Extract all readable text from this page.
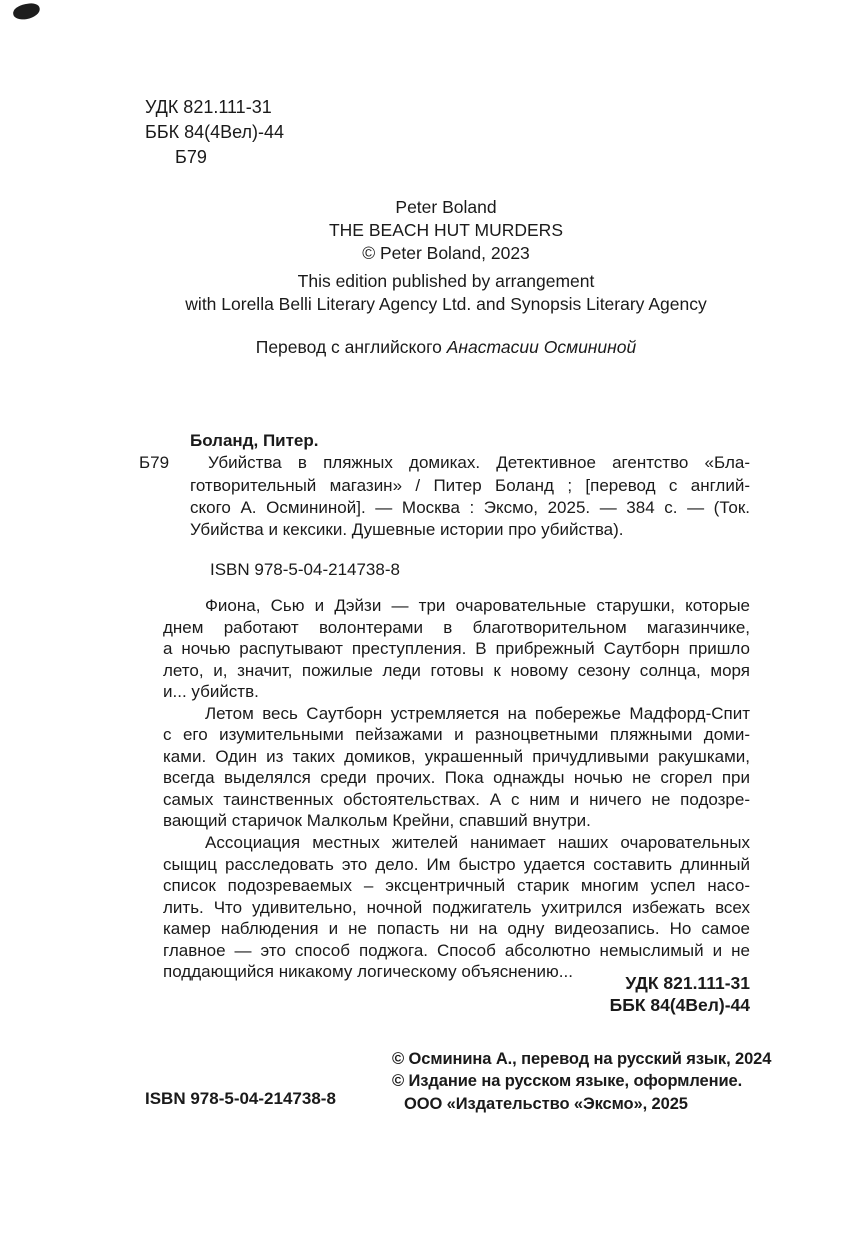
УДК 821.111-31
ББК 84(4Вел)-44
Б79
Peter Boland
THE BEACH HUT MURDERS
© Peter Boland, 2023
This edition published by arrangement
with Lorella Belli Literary Agency Ltd. and Synopsis Literary Agency
Перевод с английского Анастасии Осмининой
Боланд, Питер.
Б79	Убийства в пляжных домиках. Детективное агентство «Бла-
готворительный магазин» / Питер Боланд ; [перевод с англий-
ского А. Осмининой]. — Москва : Эксмо, 2025. — 384 с. — (Ток.
Убийства и кексики. Душевные истории про убийства).
ISBN 978-5-04-214738-8
Фиона, Сью и Дэйзи — три очаровательные старушки, которые
днем работают волонтерами в благотворительном магазинчике,
а ночью распутывают преступления. В прибрежный Саутборн пришло
лето, и, значит, пожилые леди готовы к новому сезону солнца, моря
и... убийств.
Летом весь Саутборн устремляется на побережье Мадфорд-Спит
с его изумительными пейзажами и разноцветными пляжными доми-
ками. Один из таких домиков, украшенный причудливыми ракушками,
всегда выделялся среди прочих. Пока однажды ночью не сгорел при
самых таинственных обстоятельствах. А с ним и ничего не подозре-
вающий старичок Малкольм Крейни, спавший внутри.
Ассоциация местных жителей нанимает наших очаровательных
сыщиц расследовать это дело. Им быстро удается составить длинный
список подозреваемых – эксцентричный старик многим успел насо-
лить. Что удивительно, ночной поджигатель ухитрился избежать всех
камер наблюдения и не попасть ни на одну видеозапись. Но самое
главное — это способ поджога. Способ абсолютно немыслимый и не
поддающийся никакому логическому объяснению...
УДК 821.111-31
ББК 84(4Вел)-44
© Осминина А., перевод на русский язык, 2024
© Издание на русском языке, оформление.
ООО «Издательство «Эксмо», 2025
ISBN 978-5-04-214738-8
